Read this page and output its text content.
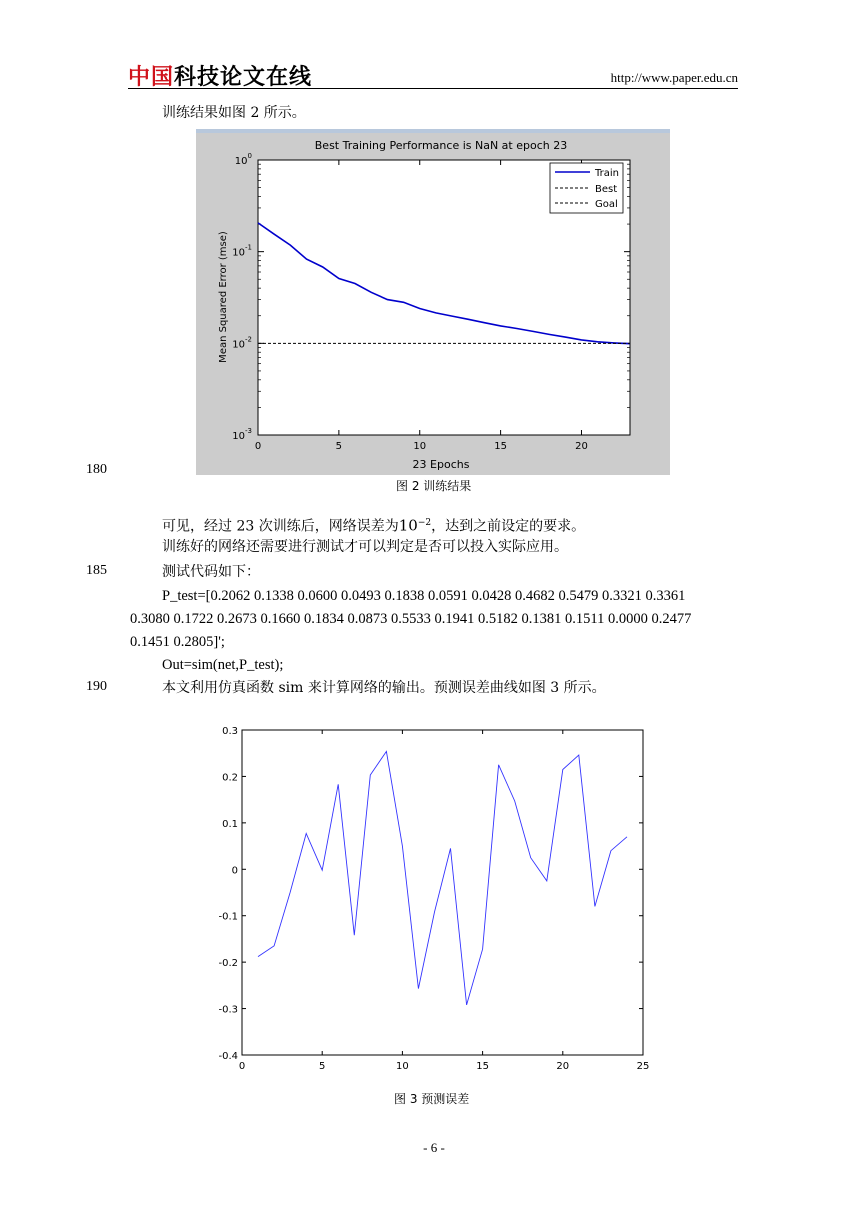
中国科技论文在线	http://www.paper.edu.cn
训练结果如图 2 所示。
Best Training Performance is NaN at epoch 23
0	5	10	15	20
$10^0$
$10^{-1}$
$10^{-2}$
$10^{-3}$
Train
Best
Goal
23 Epochs
Mean Squared Error (mse)
180
图 2 训练结果
可见，经过 23 次训练后，网络误差为$10^{-2}$，达到之前设定的要求。
训练好的网络还需要进行测试才可以判定是否可以投入实际应用。
185	测试代码如下：
P_test=[0.2062 0.1338 0.0600 0.0493 0.1838 0.0591 0.0428 0.4682 0.5479 0.3321 0.3361
0.3080 0.1722 0.2673 0.1660 0.1834 0.0873 0.5533 0.1941 0.5182 0.1381 0.1511 0.0000 0.2477
0.1451 0.2805]';
Out=sim(net,P_test);
190	本文利用仿真函数 sim 来计算网络的输出。预测误差曲线如图 3 所示。
0	5	10	15	20	25
0.3
0.2
0.1
0
-0.1
-0.2
-0.3
-0.4
图 3 预测误差
- 6 -
